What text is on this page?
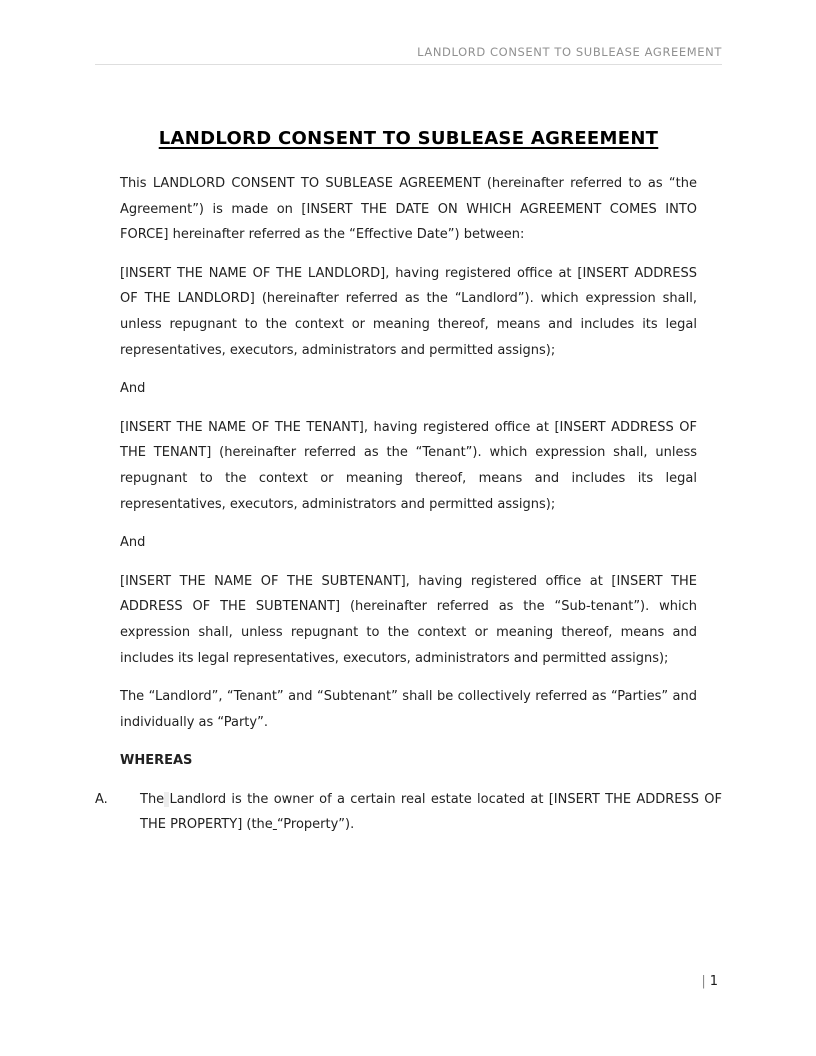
LANDLORD CONSENT TO SUBLEASE AGREEMENT
LANDLORD CONSENT TO SUBLEASE AGREEMENT

This LANDLORD CONSENT TO SUBLEASE AGREEMENT (hereinafter referred to as “the Agreement”) is made on [INSERT THE DATE ON WHICH AGREEMENT COMES INTO FORCE] hereinafter referred as the “Effective Date”) between:

[INSERT THE NAME OF THE LANDLORD], having registered office at [INSERT ADDRESS OF THE LANDLORD] (hereinafter referred as the “Landlord”). which expression shall, unless repugnant to the context or meaning thereof, means and includes its legal representatives, executors, administrators and permitted assigns);

And

[INSERT THE NAME OF THE TENANT], having registered office at [INSERT ADDRESS OF THE TENANT] (hereinafter referred as the “Tenant”). which expression shall, unless repugnant to the context or meaning thereof, means and includes its legal representatives, executors, administrators and permitted assigns);

And

[INSERT THE NAME OF THE SUBTENANT], having registered office at [INSERT THE ADDRESS OF THE SUBTENANT] (hereinafter referred as the “Sub-tenant”). which expression shall, unless repugnant to the context or meaning thereof, means and includes its legal representatives, executors, administrators and permitted assigns);

The “Landlord”, “Tenant” and “Subtenant” shall be collectively referred as “Parties” and individually as “Party”.

WHEREAS

A.	The Landlord is the owner of a certain real estate located at [INSERT THE ADDRESS OF THE PROPERTY] (the “Property”).
| 1
